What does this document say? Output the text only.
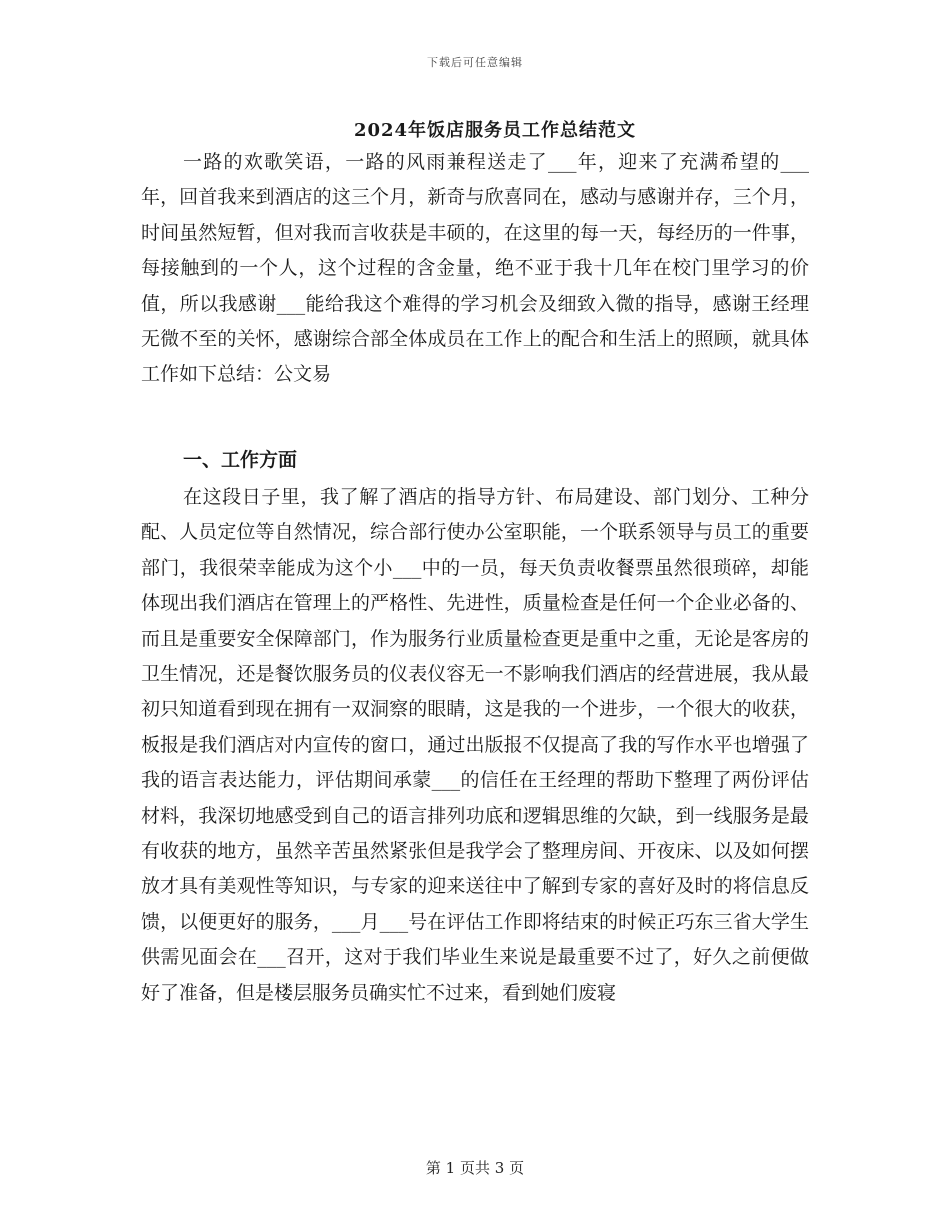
下载后可任意编辑
2024年饭店服务员工作总结范文

一路的欢歌笑语，一路的风雨兼程送走了___年，迎来了充满希望的___年，回首我来到酒店的这三个月，新奇与欣喜同在，感动与感谢并存，三个月，时间虽然短暂，但对我而言收获是丰硕的，在这里的每一天，每经历的一件事，每接触到的一个人，这个过程的含金量，绝不亚于我十几年在校门里学习的价值，所以我感谢___能给我这个难得的学习机会及细致入微的指导，感谢王经理无微不至的关怀，感谢综合部全体成员在工作上的配合和生活上的照顾，就具体工作如下总结：公文易

一、工作方面

在这段日子里，我了解了酒店的指导方针、布局建设、部门划分、工种分配、人员定位等自然情况，综合部行使办公室职能，一个联系领导与员工的重要部门，我很荣幸能成为这个小___中的一员，每天负责收餐票虽然很琐碎，却能体现出我们酒店在管理上的严格性、先进性，质量检查是任何一个企业必备的、而且是重要安全保障部门，作为服务行业质量检查更是重中之重，无论是客房的卫生情况，还是餐饮服务员的仪表仪容无一不影响我们酒店的经营进展，我从最初只知道看到现在拥有一双洞察的眼睛，这是我的一个进步，一个很大的收获，板报是我们酒店对内宣传的窗口，通过出版报不仅提高了我的写作水平也增强了我的语言表达能力，评估期间承蒙___的信任在王经理的帮助下整理了两份评估材料，我深切地感受到自己的语言排列功底和逻辑思维的欠缺，到一线服务是最有收获的地方，虽然辛苦虽然紧张但是我学会了整理房间、开夜床、以及如何摆放才具有美观性等知识，与专家的迎来送往中了解到专家的喜好及时的将信息反馈，以便更好的服务，___月___号在评估工作即将结束的时候正巧东三省大学生供需见面会在___召开，这对于我们毕业生来说是最重要不过了，好久之前便做好了准备，但是楼层服务员确实忙不过来，看到她们废寝

第 1 页共 3 页
